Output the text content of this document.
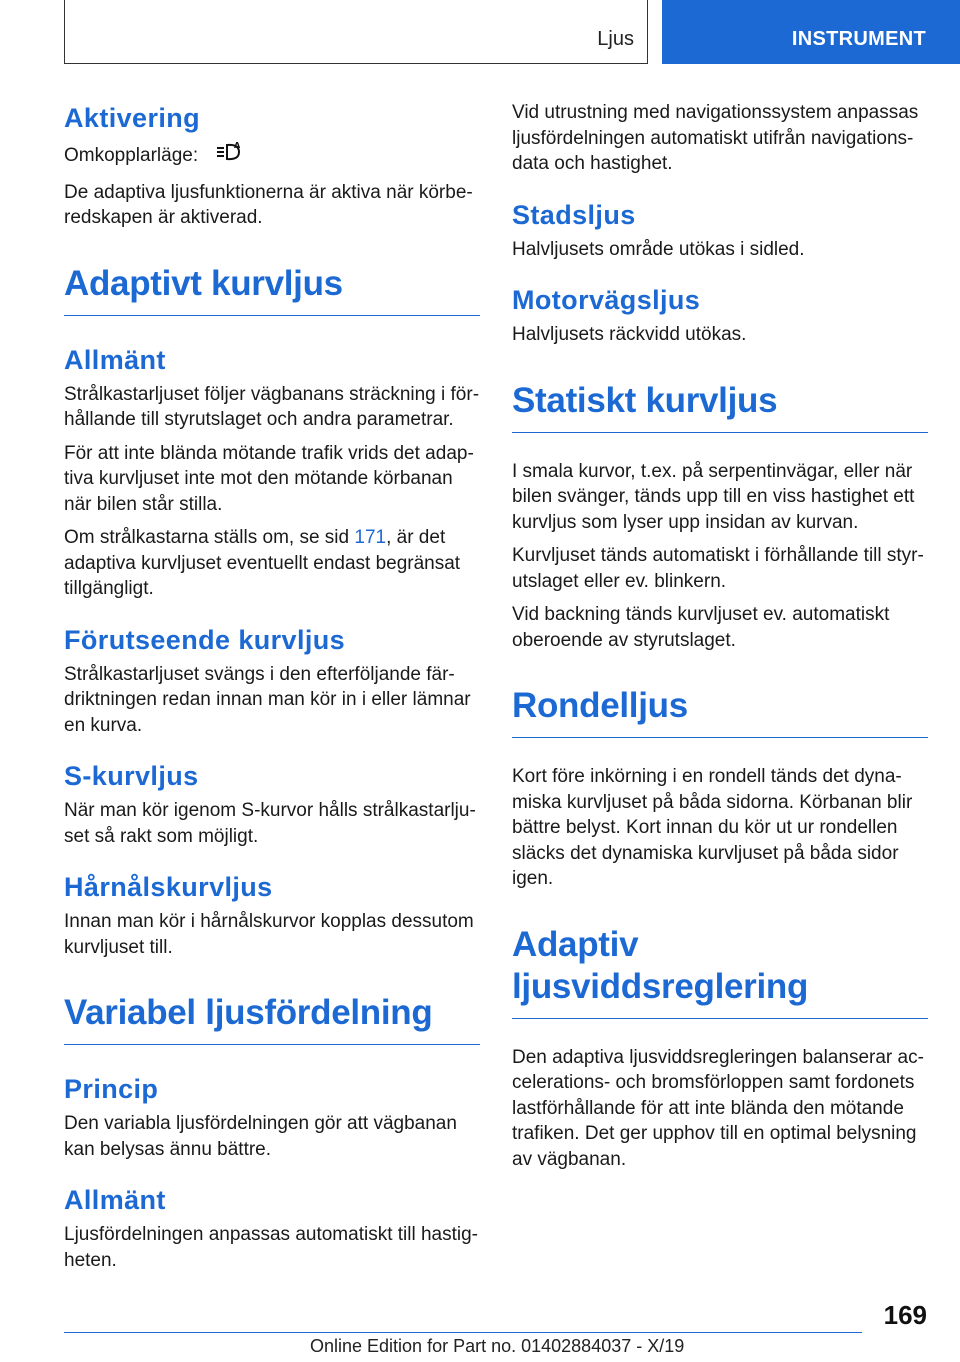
Ljus	INSTRUMENT
Aktivering

Omkopplarläge:	A

De adaptiva ljusfunktionerna är aktiva när körbe-redskapen är aktiverad.

Adaptivt kurvljus
Allmänt

Strålkastarljuset följer vägbanans sträckning i för-hållande till styrutslaget och andra parametrar.

För att inte blända mötande trafik vrids det adap-tiva kurvljuset inte mot den mötande körbanan när bilen står stilla.

Om strålkastarna ställs om, se sid 171, är det adaptiva kurvljuset eventuellt endast begränsat tillgängligt.

Förutseende kurvljus

Strålkastarljuset svängs i den efterföljande fär-driktningen redan innan man kör in i eller lämnar en kurva.

S-kurvljus

När man kör igenom S-kurvor hålls strålkastarlju-set så rakt som möjligt.

Hårnålskurvljus

Innan man kör i hårnålskurvor kopplas dessutom kurvljuset till.

Variabel ljusfördelning
Princip

Den variabla ljusfördelningen gör att vägbanan kan belysas ännu bättre.

Allmänt

Ljusfördelningen anpassas automatiskt till hastig-heten.

Vid utrustning med navigationssystem anpassas ljusfördelningen automatiskt utifrån navigations-data och hastighet.

Stadsljus

Halvljusets område utökas i sidled.

Motorvägsljus

Halvljusets räckvidd utökas.

Statiskt kurvljus

I smala kurvor, t.ex. på serpentinvägar, eller när bilen svänger, tänds upp till en viss hastighet ett kurvljus som lyser upp insidan av kurvan.

Kurvljuset tänds automatiskt i förhållande till styr-utslaget eller ev. blinkern.

Vid backning tänds kurvljuset ev. automatiskt oberoende av styrutslaget.

Rondelljus

Kort före inkörning i en rondell tänds det dyna-miska kurvljuset på båda sidorna. Körbanan blir bättre belyst. Kort innan du kör ut ur rondellen släcks det dynamiska kurvljuset på båda sidor igen.

Adaptiv ljusviddsreglering

Den adaptiva ljusviddsregleringen balanserar ac-celerations- och bromsförloppen samt fordonets lastförhållande för att inte blända den mötande trafiken. Det ger upphov till en optimal belysning av vägbanan.

169
Online Edition for Part no. 01402884037 - X/19
